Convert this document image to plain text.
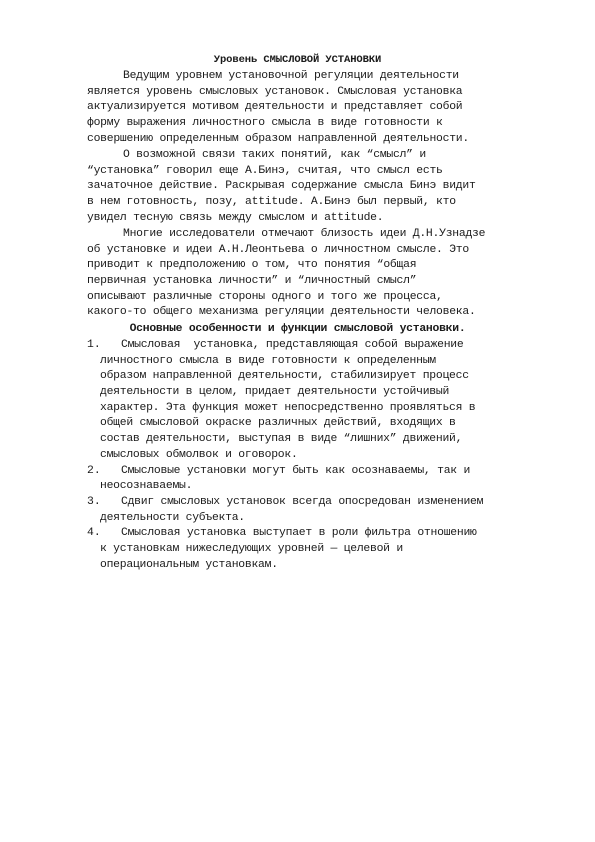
Уровень СМЫСЛОВОЙ УСТАНОВКИ
Ведущим уровнем установочной регуляции деятельности
является уровень смысловых установок. Смысловая установка
актуализируется мотивом деятельности и представляет собой
форму выражения личностного смысла в виде готовности к
совершению определенным образом направленной деятельности.
О возможной связи таких понятий, как “смысл” и
“установка” говорил еще А.Бинэ, считая, что смысл есть
зачаточное действие. Раскрывая содержание смысла Бинэ видит
в нем готовность, позу, attitude. А.Бинэ был первый, кто
увидел тесную связь между смыслом и attitude.
Многие исследователи отмечают близость идеи Д.Н.Узнадзе
об установке и идеи А.Н.Леонтьева о личностном смысле. Это
приводит к предположению о том, что понятия “общая
первичная установка личности” и “личностный смысл”
описывают различные стороны одного и того же процесса,
какого-то общего механизма регуляции деятельности человека.
Основные особенности и функции смысловой установки.
1.	Смысловая  установка, представляющая собой выражение
личностного смысла в виде готовности к определенным
образом направленной деятельности, стабилизирует процесс
деятельности в целом, придает деятельности устойчивый
характер. Эта функция может непосредственно проявляться в
общей смысловой окраске различных действий, входящих в
состав деятельности, выступая в виде “лишних” движений,
смысловых обмолвок и оговорок.
2.	Смысловые установки могут быть как осознаваемы, так и
неосознаваемы.
3.	Сдвиг смысловых установок всегда опосредован изменением
деятельности субъекта.
4.	Смысловая установка выступает в роли фильтра отношению
к установкам нижеследующих уровней — целевой и
операциональным установкам.
